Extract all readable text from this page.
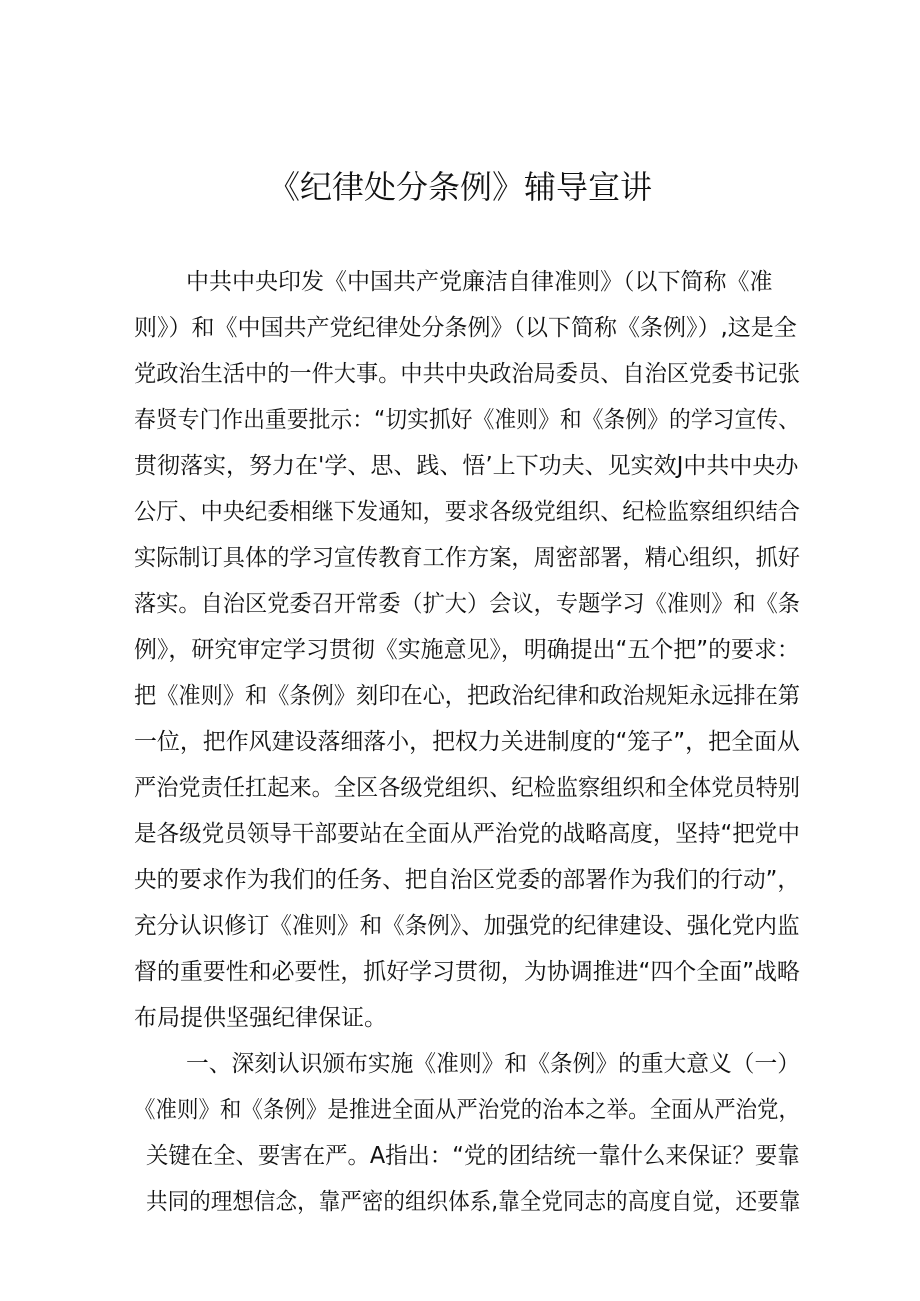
《纪律处分条例》辅导宣讲
中共中央印发《中国共产党廉洁自律准则》（以下简称《准
则》）和《中国共产党纪律处分条例》（以下简称《条例》）,这是全
党政治生活中的一件大事。中共中央政治局委员、自治区党委书记张
春贤专门作出重要批示：“切实抓好《准则》和《条例》的学习宣传、
贯彻落实，努力在'学、思、践、悟’上下功夫、见实效J中共中央办
公厅、中央纪委相继下发通知，要求各级党组织、纪检监察组织结合
实际制订具体的学习宣传教育工作方案，周密部署，精心组织，抓好
落实。自治区党委召开常委（扩大）会议，专题学习《准则》和《条
例》，研究审定学习贯彻《实施意见》，明确提出“五个把”的要求：
把《准则》和《条例》刻印在心，把政治纪律和政治规矩永远排在第
一位，把作风建设落细落小，把权力关进制度的“笼子”，把全面从
严治党责任扛起来。全区各级党组织、纪检监察组织和全体党员特别
是各级党员领导干部要站在全面从严治党的战略高度，坚持“把党中
央的要求作为我们的任务、把自治区党委的部署作为我们的行动”，
充分认识修订《准则》和《条例》、加强党的纪律建设、强化党内监
督的重要性和必要性，抓好学习贯彻，为协调推进“四个全面”战略
布局提供坚强纪律保证。
一、深刻认识颁布实施《准则》和《条例》的重大意义（一）
《准则》和《条例》是推进全面从严治党的治本之举。全面从严治党，
关键在全、要害在严。A指出：“党的团结统一靠什么来保证？要靠
共同的理想信念，靠严密的组织体系,靠全党同志的高度自觉，还要靠
